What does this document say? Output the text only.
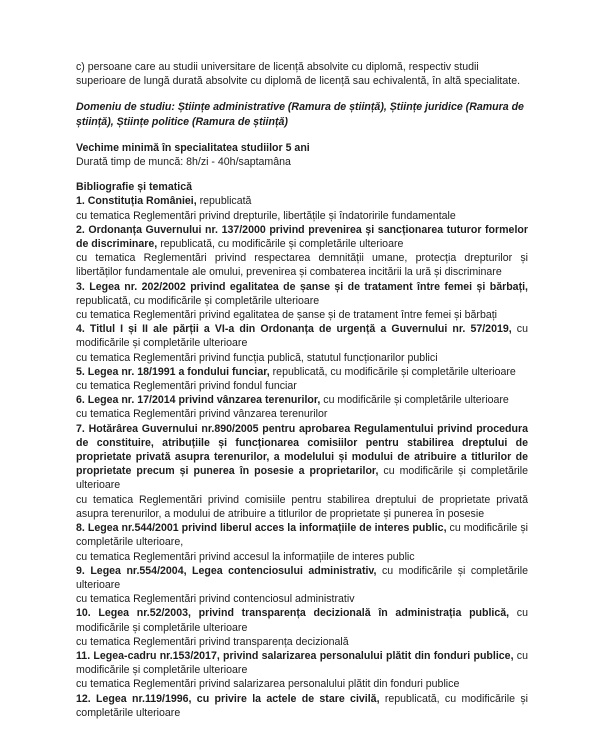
c) persoane care au studii universitare de licență absolvite cu diplomă, respectiv studii superioare de lungă durată absolvite cu diplomă de licență sau echivalentă, în altă specialitate.

Domeniu de studiu: Științe administrative (Ramura de știință), Științe juridice (Ramura de știință), Științe politice (Ramura de știință)

Vechime minimă în specialitatea studiilor 5 ani

Durată timp de muncă: 8h/zi - 40h/saptamâna

Bibliografie și tematică

1. Constituția României, republicată

cu tematica Reglementări privind drepturile, libertățile și îndatoririle fundamentale

2. Ordonanța Guvernului nr. 137/2000 privind prevenirea și sancționarea tuturor formelor de discriminare, republicată, cu modificările și completările ulterioare

cu tematica Reglementări privind respectarea demnității umane, protecția drepturilor și libertăților fundamentale ale omului, prevenirea și combaterea incitării la ură și discriminare

3. Legea nr. 202/2002 privind egalitatea de șanse și de tratament între femei și bărbați, republicată, cu modificările și completările ulterioare

cu tematica Reglementări privind egalitatea de șanse și de tratament între femei și bărbați

4. Titlul I și II ale părții a VI-a din Ordonanța de urgență a Guvernului nr. 57/2019, cu modificările și completările ulterioare

cu tematica Reglementări privind funcția publică, statutul funcționarilor publici

5. Legea nr. 18/1991 a fondului funciar, republicată, cu modificările și completările ulterioare

cu tematica Reglementări privind fondul funciar

6. Legea nr. 17/2014 privind vânzarea terenurilor, cu modificările și completările ulterioare

cu tematica Reglementări privind vânzarea terenurilor

7. Hotărârea Guvernului nr.890/2005 pentru aprobarea Regulamentului privind procedura de constituire, atribuțiile și funcționarea comisiilor pentru stabilirea dreptului de proprietate privată asupra terenurilor, a modelului și modului de atribuire a titlurilor de proprietate precum și punerea în posesie a proprietarilor, cu modificările și completările ulterioare

cu tematica Reglementări privind comisiile pentru stabilirea dreptului de proprietate privată asupra terenurilor, a modului de atribuire a titlurilor de proprietate și punerea în posesie

8. Legea nr.544/2001 privind liberul acces la informațiile de interes public, cu modificările și completările ulterioare,

cu tematica Reglementări privind accesul la informațiile de interes public

9. Legea nr.554/2004, Legea contenciosului administrativ, cu modificările și completările ulterioare

cu tematica Reglementări privind contenciosul administrativ

10. Legea nr.52/2003, privind transparența decizională în administrația publică, cu modificările și completările ulterioare

cu tematica Reglementări privind transparența decizională

11. Legea-cadru nr.153/2017, privind salarizarea personalului plătit din fonduri publice, cu modificările și completările ulterioare

cu tematica Reglementări privind salarizarea personalului plătit din fonduri publice

12. Legea nr.119/1996, cu privire la actele de stare civilă, republicată, cu modificările și completările ulterioare
